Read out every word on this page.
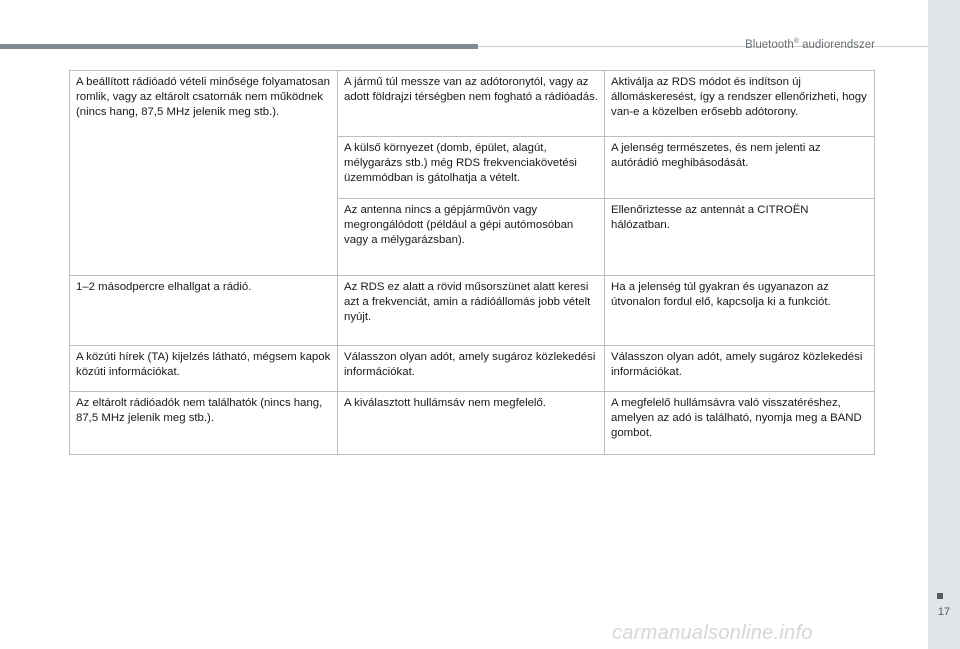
Bluetooth® audiorendszer
A beállított rádióadó vételi minősége folyamatosan romlik, vagy az eltárolt csatornák nem működnek (nincs hang, 87,5 MHz jelenik meg stb.).	A jármű túl messze van az adótoronytól, vagy az adott földrajzi térségben nem fogható a rádióadás.	Aktiválja az RDS módot és indítson új állomáskeresést, így a rendszer ellenőrizheti, hogy van-e a közelben erősebb adótorony.
	A külső környezet (domb, épület, alagút, mélygarázs stb.) még RDS frekvenciakövetési üzemmódban is gátolhatja a vételt.	A jelenség természetes, és nem jelenti az autórádió meghibásodását.
	Az antenna nincs a gépjárművön vagy megrongálódott (például a gépi autómosóban vagy a mélygarázsban).	Ellenőriztesse az antennát a CITROËN hálózatban.
1–2 másodpercre elhallgat a rádió.	Az RDS ez alatt a rövid műsorszünet alatt keresi azt a frekvenciát, amin a rádióállomás jobb vételt nyújt.	Ha a jelenség túl gyakran és ugyanazon az útvonalon fordul elő, kapcsolja ki a funkciót.
A közúti hírek (TA) kijelzés látható, mégsem kapok közúti információkat.	Válasszon olyan adót, amely sugároz közlekedési információkat.	Válasszon olyan adót, amely sugároz közlekedési információkat.
Az eltárolt rádióadók nem találhatók (nincs hang, 87,5 MHz jelenik meg stb.).	A kiválasztott hullámsáv nem megfelelő.	A megfelelő hullámsávra való visszatéréshez, amelyen az adó is található, nyomja meg a BAND gombot.
17
carmanualsonline.info
